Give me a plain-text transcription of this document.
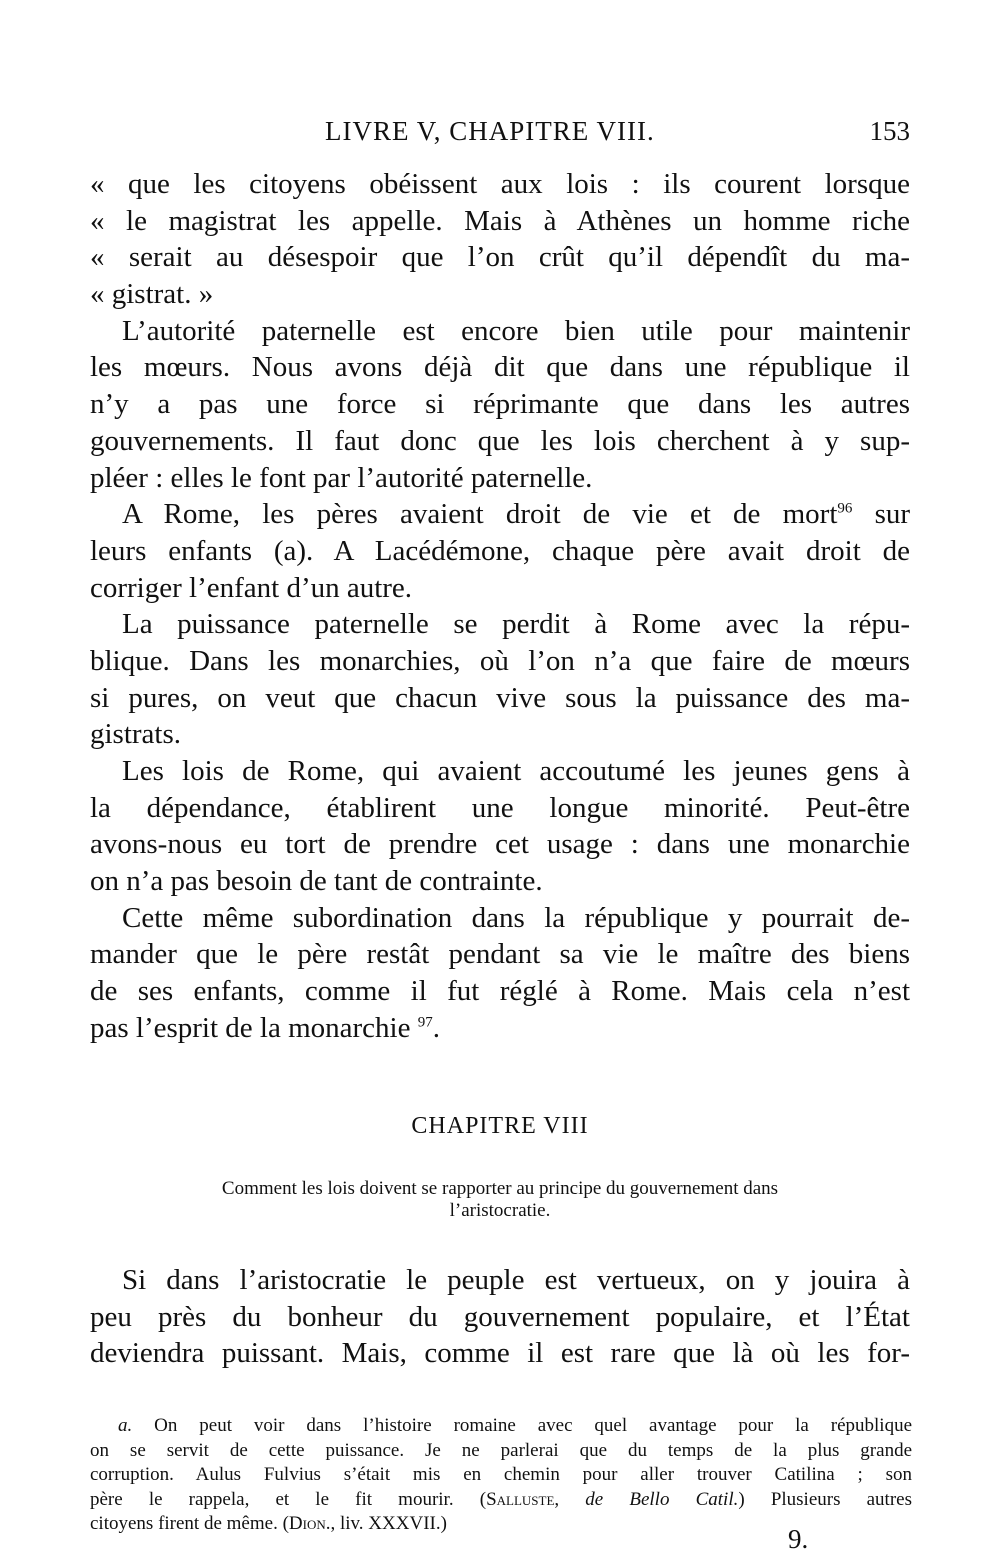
LIVRE V, CHAPITRE VIII.	153
« que les citoyens obéissent aux lois : ils courent lorsque
« le magistrat les appelle. Mais à Athènes un homme riche
« serait au désespoir que l’on crût qu’il dépendît du ma-
« gistrat. »
L’autorité paternelle est encore bien utile pour maintenir
les mœurs. Nous avons déjà dit que dans une république il
n’y a pas une force si réprimante que dans les autres
gouvernements. Il faut donc que les lois cherchent à y sup-
pléer : elles le font par l’autorité paternelle.
A Rome, les pères avaient droit de vie et de mort$^{96}$ sur
leurs enfants (a). A Lacédémone, chaque père avait droit de
corriger l’enfant d’un autre.
La puissance paternelle se perdit à Rome avec la répu-
blique. Dans les monarchies, où l’on n’a que faire de mœurs
si pures, on veut que chacun vive sous la puissance des ma-
gistrats.
Les lois de Rome, qui avaient accoutumé les jeunes gens à
la dépendance, établirent une longue minorité. Peut-être
avons-nous eu tort de prendre cet usage : dans une monarchie
on n’a pas besoin de tant de contrainte.
Cette même subordination dans la république y pourrait de-
mander que le père restât pendant sa vie le maître des biens
de ses enfants, comme il fut réglé à Rome. Mais cela n’est
pas l’esprit de la monarchie $^{97}$.
CHAPITRE VIII
Comment les lois doivent se rapporter au principe du gouvernement dans
l’aristocratie.
Si dans l’aristocratie le peuple est vertueux, on y jouira à
peu près du bonheur du gouvernement populaire, et l’État
deviendra puissant. Mais, comme il est rare que là où les for-
a. On peut voir dans l’histoire romaine avec quel avantage pour la république
on se servit de cette puissance. Je ne parlerai que du temps de la plus grande
corruption. Aulus Fulvius s’était mis en chemin pour aller trouver Catilina ; son
père le rappela, et le fit mourir. (Salluste, de Bello Catil.) Plusieurs autres
citoyens firent de même. (Dion., liv. XXXVII.)
9.
